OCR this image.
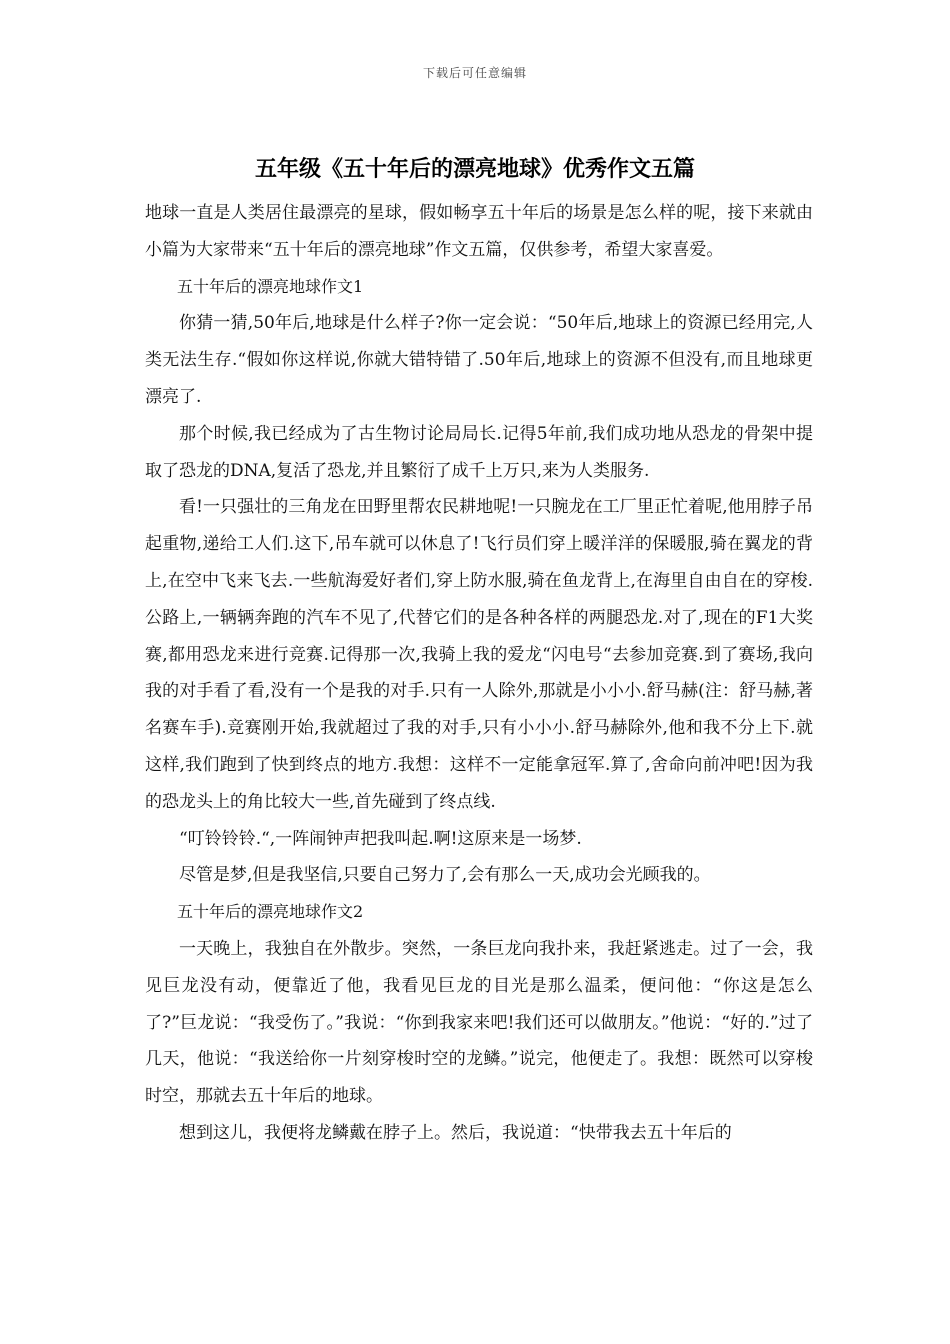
下载后可任意编辑
五年级《五十年后的漂亮地球》优秀作文五篇

地球一直是人类居住最漂亮的星球，假如畅享五十年后的场景是怎么样的呢，接下来就由小篇为大家带来“五十年后的漂亮地球”作文五篇，仅供参考，希望大家喜爱。

五十年后的漂亮地球作文1

你猜一猜,50年后,地球是什么样子?你一定会说：“50年后,地球上的资源已经用完,人类无法生存.“假如你这样说,你就大错特错了.50年后,地球上的资源不但没有,而且地球更漂亮了.

那个时候,我已经成为了古生物讨论局局长.记得5年前,我们成功地从恐龙的骨架中提取了恐龙的DNA,复活了恐龙,并且繁衍了成千上万只,来为人类服务.

看!一只强壮的三角龙在田野里帮农民耕地呢!一只腕龙在工厂里正忙着呢,他用脖子吊起重物,递给工人们.这下,吊车就可以休息了!飞行员们穿上暖洋洋的保暖服,骑在翼龙的背上,在空中飞来飞去.一些航海爱好者们,穿上防水服,骑在鱼龙背上,在海里自由自在的穿梭.公路上,一辆辆奔跑的汽车不见了,代替它们的是各种各样的两腿恐龙.对了,现在的F1大奖赛,都用恐龙来进行竞赛.记得那一次,我骑上我的爱龙“闪电号“去参加竞赛.到了赛场,我向我的对手看了看,没有一个是我的对手.只有一人除外,那就是小小小.舒马赫(注：舒马赫,著名赛车手).竞赛刚开始,我就超过了我的对手,只有小小小.舒马赫除外,他和我不分上下.就这样,我们跑到了快到终点的地方.我想：这样不一定能拿冠军.算了,舍命向前冲吧!因为我的恐龙头上的角比较大一些,首先碰到了终点线.

“叮铃铃铃.“,一阵闹钟声把我叫起.啊!这原来是一场梦.

尽管是梦,但是我坚信,只要自己努力了,会有那么一天,成功会光顾我的。

五十年后的漂亮地球作文2

一天晚上，我独自在外散步。突然，一条巨龙向我扑来，我赶紧逃走。过了一会，我见巨龙没有动，便靠近了他，我看见巨龙的目光是那么温柔，便问他：“你这是怎么了?”巨龙说：“我受伤了。”我说：“你到我家来吧!我们还可以做朋友。”他说：“好的.”过了几天，他说：“我送给你一片刻穿梭时空的龙鳞。”说完，他便走了。我想：既然可以穿梭时空，那就去五十年后的地球。

想到这儿，我便将龙鳞戴在脖子上。然后，我说道：“快带我去五十年后的
